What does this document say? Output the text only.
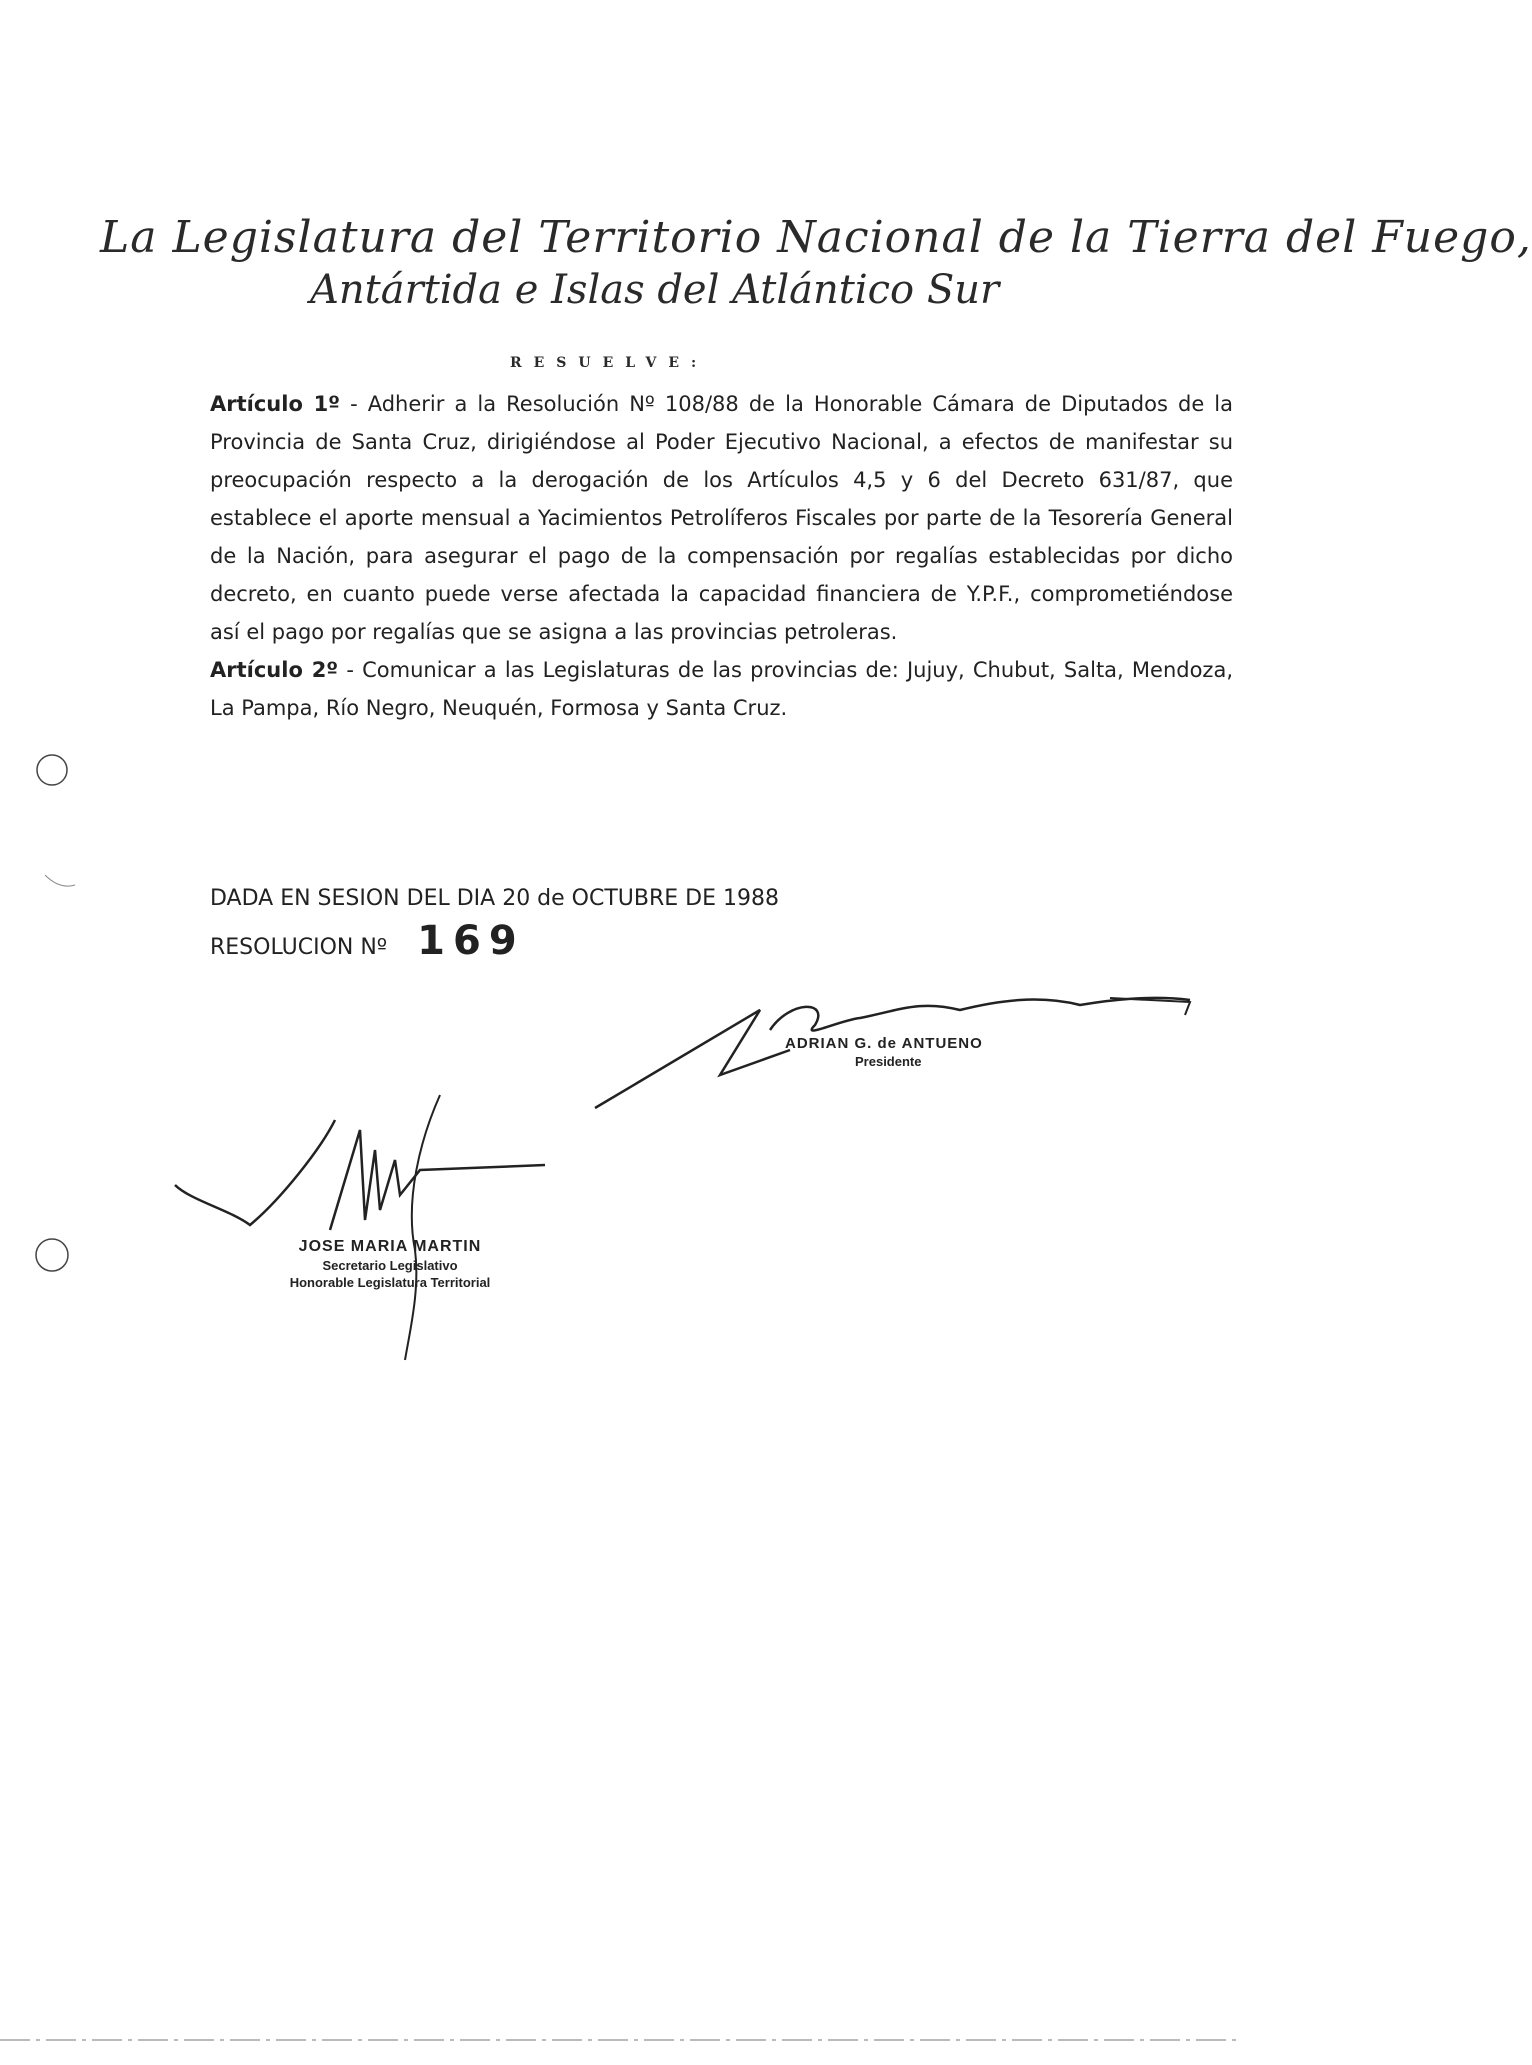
La Legislatura del Territorio Nacional de la Tierra del Fuego,
Antártida e Islas del Atlántico Sur
RESUELVE:

Artículo 1º - Adherir a la Resolución Nº 108/88 de la Honorable Cámara de Diputados de la Provincia de Santa Cruz, dirigiéndose al Poder Ejecutivo Nacional, a efectos de manifestar su preocupación respecto a la derogación de los Artículos 4,5 y 6 del Decreto 631/87, que establece el aporte mensual a Yacimientos Petrolíferos Fiscales por parte de la Tesorería General de la Nación, para asegurar el pago de la compensación por regalías establecidas por dicho decreto, en cuanto puede verse afectada la capacidad financiera de Y.P.F., comprometiéndose así el pago por regalías que se asigna a las provincias petroleras.

Artículo 2º - Comunicar a las Legislaturas de las provincias de: Jujuy, Chubut, Salta, Mendoza, La Pampa, Río Negro, Neuquén, Formosa y Santa Cruz.

DADA EN SESION DEL DIA 20 de OCTUBRE DE 1988
RESOLUCION Nº 169
ADRIAN G. de ANTUENO
Presidente
JOSE MARIA MARTIN
Secretario Legislativo
Honorable Legislatura Territorial
